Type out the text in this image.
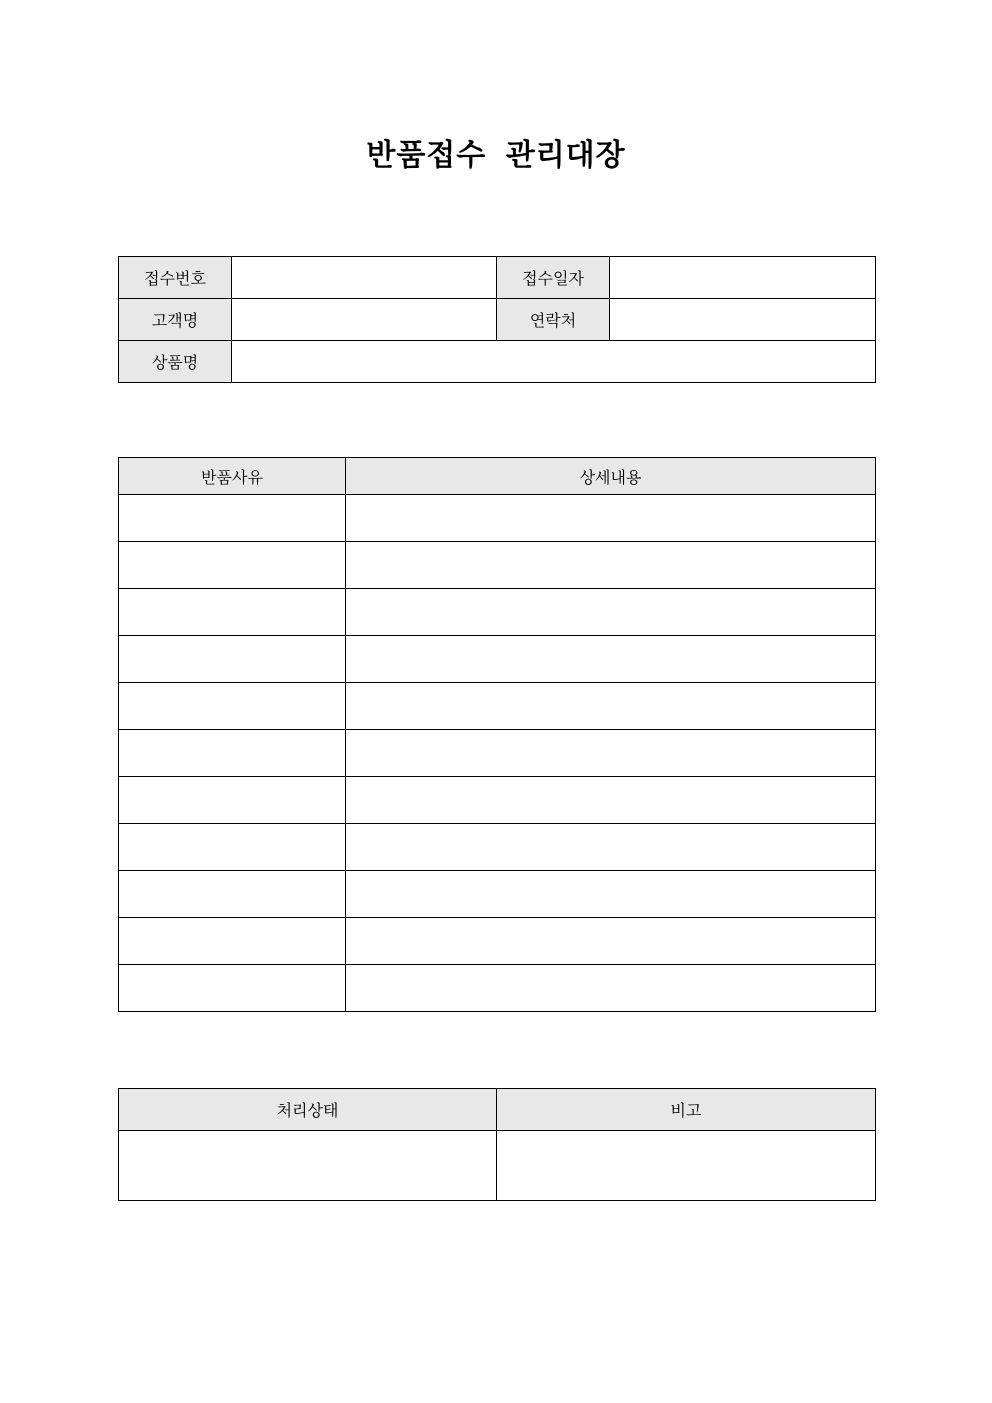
반품접수 관리대장
접수번호		접수일자	
고객명		연락처	
상품명			
반품사유	상세내용

처리상태	비고
